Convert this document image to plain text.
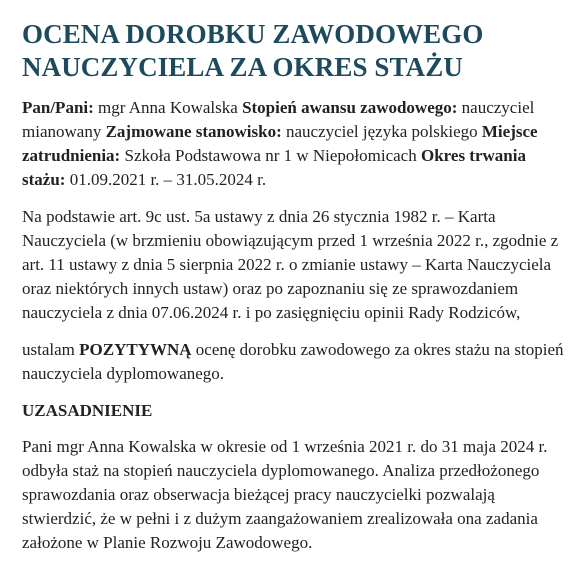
OCENA DOROBKU ZAWODOWEGO
NAUCZYCIELA ZA OKRES STAŻU

Pan/Pani: mgr Anna Kowalska Stopień awansu zawodowego: nauczyciel
mianowany Zajmowane stanowisko: nauczyciel języka polskiego Miejsce
zatrudnienia: Szkoła Podstawowa nr 1 w Niepołomicach Okres trwania
stażu: 01.09.2021 r. – 31.05.2024 r.

Na podstawie art. 9c ust. 5a ustawy z dnia 26 stycznia 1982 r. – Karta
Nauczyciela (w brzmieniu obowiązującym przed 1 września 2022 r., zgodnie z
art. 11 ustawy z dnia 5 sierpnia 2022 r. o zmianie ustawy – Karta Nauczyciela
oraz niektórych innych ustaw) oraz po zapoznaniu się ze sprawozdaniem
nauczyciela z dnia 07.06.2024 r. i po zasięgnięciu opinii Rady Rodziców,

ustalam POZYTYWNĄ ocenę dorobku zawodowego za okres stażu na stopień
nauczyciela dyplomowanego.

UZASADNIENIE

Pani mgr Anna Kowalska w okresie od 1 września 2021 r. do 31 maja 2024 r.
odbyła staż na stopień nauczyciela dyplomowanego. Analiza przedłożonego
sprawozdania oraz obserwacja bieżącej pracy nauczycielki pozwalają
stwierdzić, że w pełni i z dużym zaangażowaniem zrealizowała ona zadania
założone w Planie Rozwoju Zawodowego.
